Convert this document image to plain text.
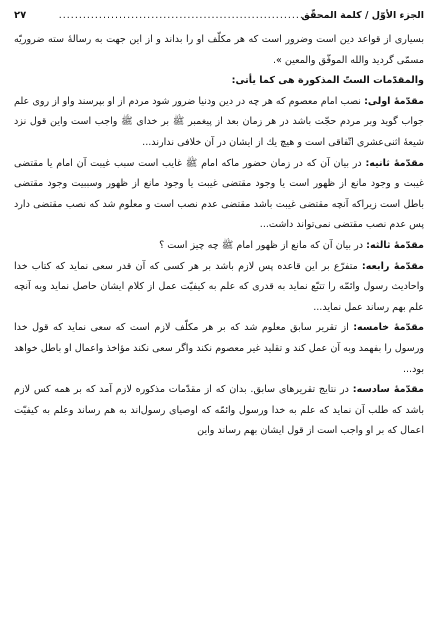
الجزء الأوّل / كلمة المحقّق
................................................................
۲۷

بسیاری از قواعد دین است وضرور است که هر مکلّف او را بداند و از این جهت به رسالهٔ سته ضروریّه مسمّی گردید والله الموفّق والمعین ».

والمقدّمات الستّ المذکورة هی کما یأتی:

مقدّمهٔ اولی: نصب امام معصوم که هر چه در دین ودنیا ضرور شود مردم از او بپرسند واو از روی علم جواب گوید وبر مردم حجّت باشد در هر زمان بعد از پیغمبر ﷺ بر خدای ﷺ واجب است واین قول نزد شیعهٔ اثنی‌عشری اتّفاقی است و هیچ یك از ایشان در آن خلافی ندارند...

مقدّمهٔ ثانیه: در بیان آن که در زمان حضور ماکه امام ﷺ غایب است سبب غیبت آن امام یا مقتضی غیبت و وجود مانع از ظهور است یا وجود مقتضی غیبت یا وجود مانع از ظهور وسببیت وجود مقتضی باطل است زیراکه آنچه مقتضی غیبت باشد مقتضی عدم نصب است و معلوم شد که نصب مقتضی دارد پس عدم نصب مقتضی نمی‌تواند داشت...

مقدّمهٔ ثالثه: در بیان آن که مانع از ظهور امام ﷺ چه چیز است ؟

مقدّمهٔ رابعه: متفرّع بر این قاعده پس لازم باشد بر هر کسی که آن قدر سعی نماید که کتاب خدا واحادیث رسول وائمّه را تتبّع نماید به قدری که علم به کیفیّت عمل از کلام ایشان حاصل نماید وبه آنچه علم بهم رساند عمل نماید...

مقدّمهٔ خامسه: از تقریر سابق معلوم شد که بر هر مکلّف لازم است که سعی نماید که قول خدا ورسول را بفهمد وبه آن عمل کند و تقلید غیر معصوم نکند واگر سعی نکند مؤاخذ واعمال او باطل خواهد بود...

مقدّمهٔ سادسه: در نتایج تقریرهای سابق. بدان که از مقدّمات مذکوره لازم آمد که بر همه کس لازم باشد که طلب آن نماید که علم به خدا ورسول وائمّه که اوصیای رسول‌اند به هم رساند وعلم به کیفیّت اعمال که بر او واجب است از قول ایشان بهم رساند واین
